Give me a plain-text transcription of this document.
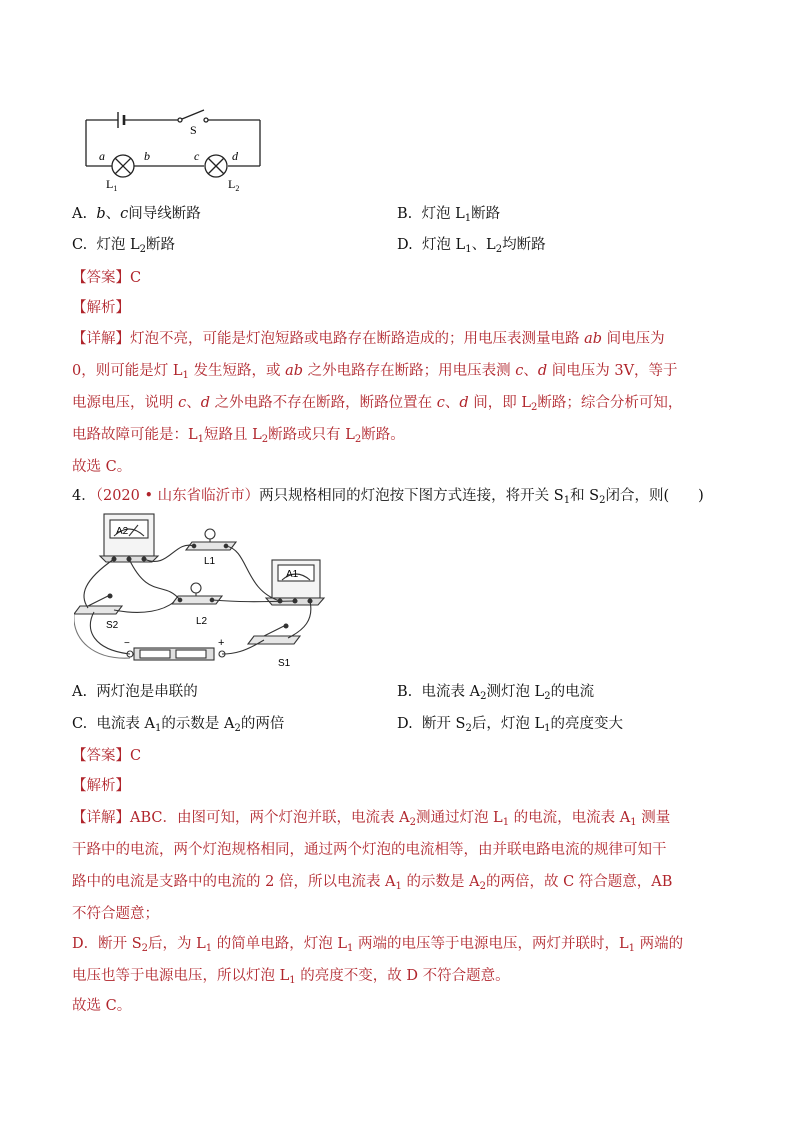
S
a	b	c	d
$L_1$	$L_2$
A. b、c间导线断路	B. 灯泡 $L_1$断路
C. 灯泡 $L_2$断路	D. 灯泡 $L_1$、$L_2$均断路
【答案】C
【解析】
【详解】灯泡不亮，可能是灯泡短路或电路存在断路造成的；用电压表测量电路 ab 间电压为
0，则可能是灯 $L_1$ 发生短路，或 ab 之外电路存在断路；用电压表测 c、d 间电压为 3V，等于
电源电压，说明 c、d 之外电路不存在断路，断路位置在 c、d 间，即 $L_2$断路；综合分析可知，
电路故障可能是：$L_1$短路且 $L_2$断路或只有 $L_2$断路。
故选 C。
4．（2020 • 山东省临沂市）两只规格相同的灯泡按下图方式连接，将开关 $S_1$和 $S_2$闭合，则(　　)
A2
A1
L1
L2
S2
S1
−	+
A. 两灯泡是串联的	B. 电流表 $A_2$测灯泡 $L_2$的电流
C. 电流表 $A_1$的示数是 $A_2$的两倍	D. 断开 $S_2$后，灯泡 $L_1$的亮度变大
【答案】C
【解析】
【详解】ABC．由图可知，两个灯泡并联，电流表 $A_2$测通过灯泡 $L_1$ 的电流，电流表 $A_1$ 测量
干路中的电流，两个灯泡规格相同，通过两个灯泡的电流相等，由并联电路电流的规律可知干
路中的电流是支路中的电流的 2 倍，所以电流表 $A_1$ 的示数是 $A_2$的两倍，故 C 符合题意，AB
不符合题意；
D．断开 $S_2$后，为 $L_1$ 的简单电路，灯泡 $L_1$ 两端的电压等于电源电压，两灯并联时，$L_1$ 两端的
电压也等于电源电压，所以灯泡 $L_1$ 的亮度不变，故 D 不符合题意。
故选 C。
